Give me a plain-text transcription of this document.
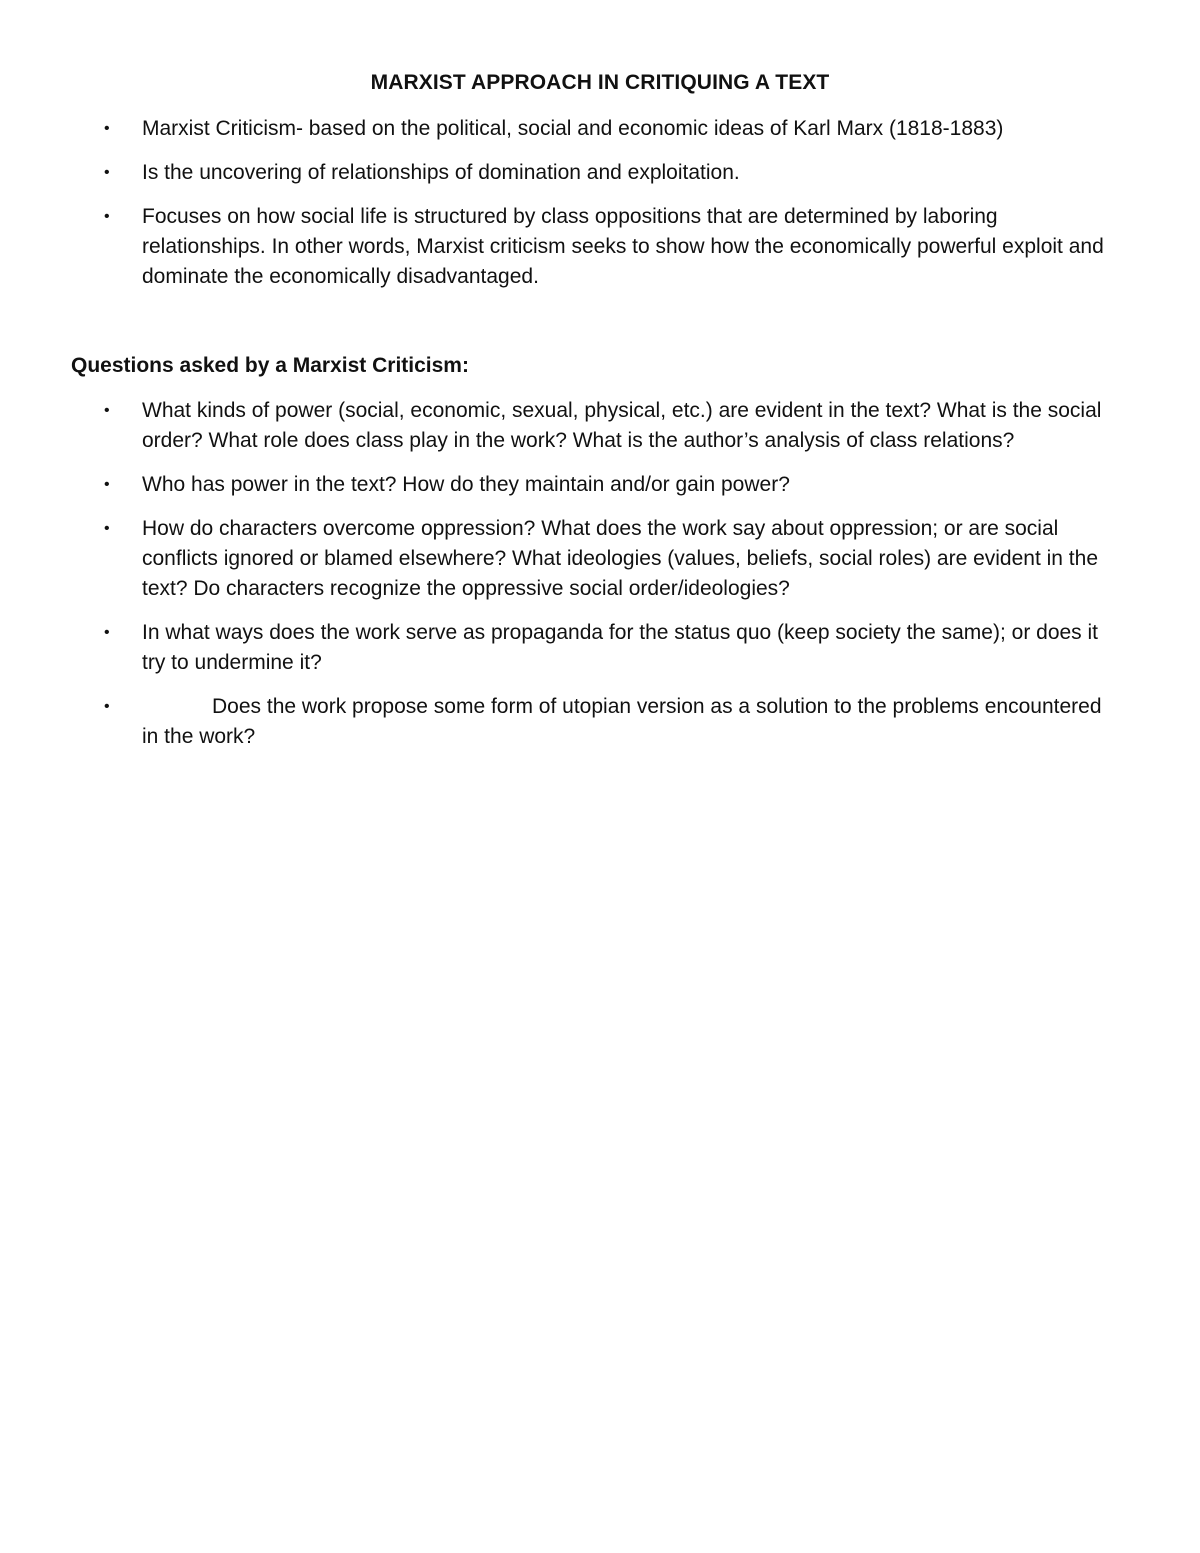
MARXIST APPROACH IN CRITIQUING A TEXT
• Marxist Criticism- based on the political, social and economic ideas of Karl Marx (1818-1883)
• Is the uncovering of relationships of domination and exploitation.
• Focuses on how social life is structured by class oppositions that are determined by laboring relationships. In other words, Marxist criticism seeks to show how the economically powerful exploit and dominate the economically disadvantaged.
Questions asked by a Marxist Criticism:
• What kinds of power (social, economic, sexual, physical, etc.) are evident in the text? What is the social order? What role does class play in the work? What is the author’s analysis of class relations?
• Who has power in the text? How do they maintain and/or gain power?
• How do characters overcome oppression? What does the work say about oppression; or are social conflicts ignored or blamed elsewhere? What ideologies (values, beliefs, social roles) are evident in the text? Do characters recognize the oppressive social order/ideologies?
• In what ways does the work serve as propaganda for the status quo (keep society the same); or does it try to undermine it?
•	Does the work propose some form of utopian version as a solution to the problems encountered in the work?
